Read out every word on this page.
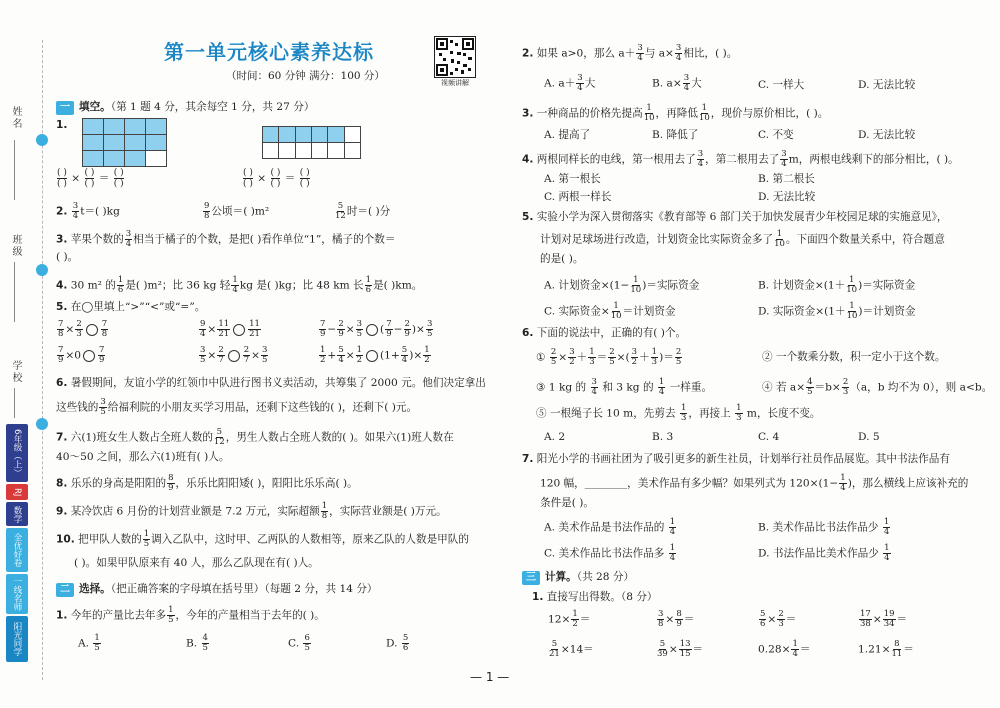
姓名
班级
学校
6年级（上）
RJ
数学
全优好卷
一线名师
阳光同学
第一单元核心素养达标
（时间：60 分钟 满分：100 分）
视频讲解
一 填空。（第 1 题 4 分，其余每空 1 分，共 27 分）
1.
$\frac{( )}{( )} \times \frac{( )}{( )} = \frac{( )}{( )}$	$\frac{( )}{( )} \times \frac{( )}{( )} = \frac{( )}{( )}$
2. $\frac{3}{4} t=$( )kg	$\frac{9}{8}$ 公顷＝( )m²	$\frac{5}{12}$ 时＝( )分
3. 苹果个数的 $\frac{3}{4}$ 相当于橘子的个数，是把( )看作单位“1”，橘子的个数＝
( )。
4. 30 m² 的 $\frac{1}{6}$ 是( )m²；比 36 kg 轻 $\frac{1}{4}$ kg 是( )kg；比 48 km 长 $\frac{1}{6}$ 是( )km。
5. 在◯里填上“>”“<”或“=”。
$\frac{7}{8} \times \frac{2}{3} \frac{7}{8}$	$\frac{9}{4} \times \frac{11}{21} \frac{11}{21}$	$\frac{7}{9} - \frac{2}{9} \times \frac{3}{5}$ ( $\frac{7}{9} - \frac{2}{9}$ )× $\frac{3}{5}$
$\frac{7}{9} \times 0 \frac{7}{9}$	$\frac{3}{5} \times \frac{2}{7} \frac{2}{7} \times \frac{3}{5}$	$\frac{1}{2} + \frac{5}{4} \times \frac{1}{2} (1+ \frac{5}{4}$ )× $\frac{1}{2}$
6. 暑假期间，友谊小学的红领巾中队进行图书义卖活动，共筹集了 2000 元。他们决定拿出
这些钱的 $\frac{3}{5}$ 给福利院的小朋友买学习用品，还剩下这些钱的( )，还剩下( )元。
7. 六(1)班女生人数占全班人数的 $\frac{5}{12}$ ，男生人数占全班人数的( )。如果六(1)班人数在
40～50 之间，那么六(1)班有( )人。
8. 乐乐的身高是阳阳的 $\frac{8}{9}$ ，乐乐比阳阳矮( )，阳阳比乐乐高( )。
9. 某冷饮店 6 月份的计划营业额是 7.2 万元，实际超额 $\frac{1}{8}$ ，实际营业额是( )万元。
10. 把甲队人数的 $\frac{1}{5}$ 调入乙队中，这时甲、乙两队的人数相等，原来乙队的人数是甲队的
( )。如果甲队原来有 40 人，那么乙队现在有( )人。
二 选择。（把正确答案的字母填在括号里）（每题 2 分，共 14 分）
1. 今年的产量比去年多 $\frac{1}{5}$ ，今年的产量相当于去年的( )。
A. $\frac{1}{5}$	B. $\frac{4}{5}$	C. $\frac{6}{5}$	D. $\frac{5}{6}$
2. 如果 a>0，那么 $a+ \frac{3}{4}$ 与 $a\times \frac{3}{4}$ 相比，( )。
A. $a+ \frac{3}{4}$ 大	B. $a\times \frac{3}{4}$ 大	C. 一样大	D. 无法比较
3. 一种商品的价格先提高 $\frac{1}{10}$ ，再降低 $\frac{1}{10}$ ，现价与原价相比，( )。
A. 提高了	B. 降低了	C. 不变	D. 无法比较
4. 两根同样长的电线，第一根用去了 $\frac{3}{4}$ ，第二根用去了 $\frac{3}{4}$ m，两根电线剩下的部分相比，( )。
A. 第一根长	B. 第二根长
C. 两根一样长	D. 无法比较
5. 实验小学为深入贯彻落实《教育部等 6 部门关于加快发展青少年校园足球的实施意见》，
计划对足球场进行改造，计划资金比实际资金多了 $\frac{1}{10}$ 。下面四个数量关系中，符合题意
的是( )。
A. 计划资金$\times(1- \frac{1}{10}$ )＝实际资金	B. 计划资金$\times(1+ \frac{1}{10}$ )＝实际资金
C. 实际资金× $\frac{1}{10}$ ＝计划资金	D. 实际资金$\times(1+ \frac{1}{10}$ )＝计划资金
6. 下面的说法中，正确的有( )个。
① $\frac{2}{5} \times \frac{3}{2} + \frac{1}{3} = \frac{2}{5}$ ×( $\frac{3}{2} + \frac{1}{3}$ )＝ $\frac{2}{5}$	② 一个数乘分数，积一定小于这个数。
③ 1 kg 的 $\frac{3}{4}$ 和 3 kg 的 $\frac{1}{4}$ 一样重。	④ 若 $a\times \frac{4}{5} =b\times \frac{2}{3} (a$，b 均不为 0），则 a<b。
⑤ 一根绳子长 10 m，先剪去 $\frac{1}{3}$ ，再接上 $\frac{1}{3}$ m，长度不变。
A. 2	B. 3	C. 4	D. 5
7. 阳光小学的书画社团为了吸引更多的新生社员，计划举行社员作品展览。其中书法作品有
120 幅，________，美术作品有多少幅？如果列式为 $120\times(1- \frac{1}{4}$ )，那么横线上应该补充的
条件是( )。
A. 美术作品是书法作品的 $\frac{1}{4}$	B. 美术作品比书法作品少 $\frac{1}{4}$
C. 美术作品比书法作品多 $\frac{1}{4}$	D. 书法作品比美术作品少 $\frac{1}{4}$
三 计算。（共 28 分）
1. 直接写出得数。（8 分）
$12\times \frac{1}{2}$ ＝	$\frac{3}{8} \times \frac{8}{9}$ ＝	$\frac{5}{6} \times \frac{2}{3}$ ＝	$\frac{17}{38} \times \frac{19}{34}$ ＝
$\frac{5}{21} \times 14=$	$\frac{5}{39} \times \frac{13}{15}$ ＝	$0.28\times \frac{1}{4}$ ＝	$1.21\times \frac{8}{11}$ ＝
— 1 —
